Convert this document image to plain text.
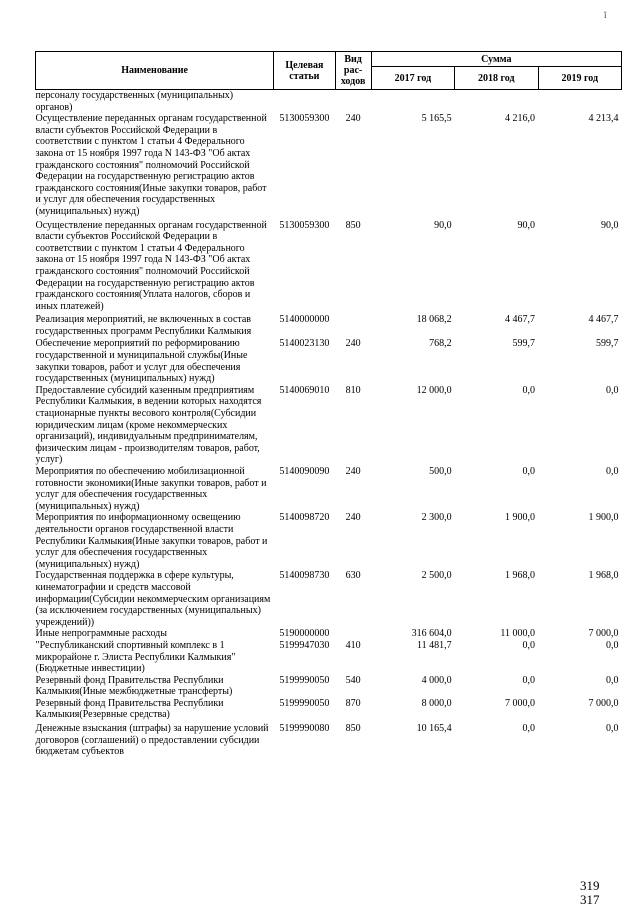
ĭ
Наименование	Целевая статьи	Вид рас-ходов	Сумма		
			2017 год	2018 год	2019 год
персоналу государственных (муниципальных) органов)					
Осуществление переданных органам государственной власти субъектов Российской Федерации в соответствии с пунктом 1 статьи 4 Федерального закона от 15 ноября 1997 года N 143-ФЗ "Об актах гражданского состояния" полномочий Российской Федерации на государственную регистрацию актов гражданского состояния(Иные закупки товаров, работ и услуг для обеспечения государственных (муниципальных) нужд)	5130059300	240	5 165,5	4 216,0	4 213,4
Осуществление переданных органам государственной власти субъектов Российской Федерации в соответствии с пунктом 1 статьи 4 Федерального закона от 15 ноября 1997 года N 143-ФЗ "Об актах гражданского состояния" полномочий Российской Федерации на государственную регистрацию актов гражданского состояния(Уплата налогов, сборов и иных платежей)	5130059300	850	90,0	90,0	90,0
Реализация мероприятий, не включенных в состав государственных программ Республики Калмыкия	5140000000		18 068,2	4 467,7	4 467,7
Обеспечение мероприятий по реформированию государственной и муниципальной службы(Иные закупки товаров, работ и услуг для обеспечения государственных (муниципальных) нужд)	5140023130	240	768,2	599,7	599,7
Предоставление субсидий казенным предприятиям Республики Калмыкия, в ведении которых находятся стационарные пункты весового контроля(Субсидии юридическим лицам (кроме некоммерческих организаций), индивидуальным предпринимателям, физическим лицам - производителям товаров, работ, услуг)	5140069010	810	12 000,0	0,0	0,0
Мероприятия по обеспечению мобилизационной готовности экономики(Иные закупки товаров, работ и услуг для обеспечения государственных (муниципальных) нужд)	5140090090	240	500,0	0,0	0,0
Мероприятия по информационному освещению деятельности органов государственной власти Республики Калмыкия(Иные закупки товаров, работ и услуг для обеспечения государственных (муниципальных) нужд)	5140098720	240	2 300,0	1 900,0	1 900,0
Государственная поддержка в сфере культуры, кинематографии и средств массовой информации(Субсидии некоммерческим организациям (за исключением государственных (муниципальных) учреждений))	5140098730	630	2 500,0	1 968,0	1 968,0
Иные непрограммные расходы	5190000000		316 604,0	11 000,0	7 000,0
"Республиканский спортивный комплекс в 1 микрорайоне г. Элиста Республики Калмыкия"(Бюджетные инвестиции)	5199947030	410	11 481,7	0,0	0,0
Резервный фонд Правительства Республики Калмыкия(Иные межбюджетные трансферты)	5199990050	540	4 000,0	0,0	0,0
Резервный фонд Правительства Республики Калмыкия(Резервные средства)	5199990050	870	8 000,0	7 000,0	7 000,0
Денежные взыскания (штрафы) за нарушение условий договоров (соглашений) о предоставлении субсидии бюджетам субъектов	5199990080	850	10 165,4	0,0	0,0
319
317
